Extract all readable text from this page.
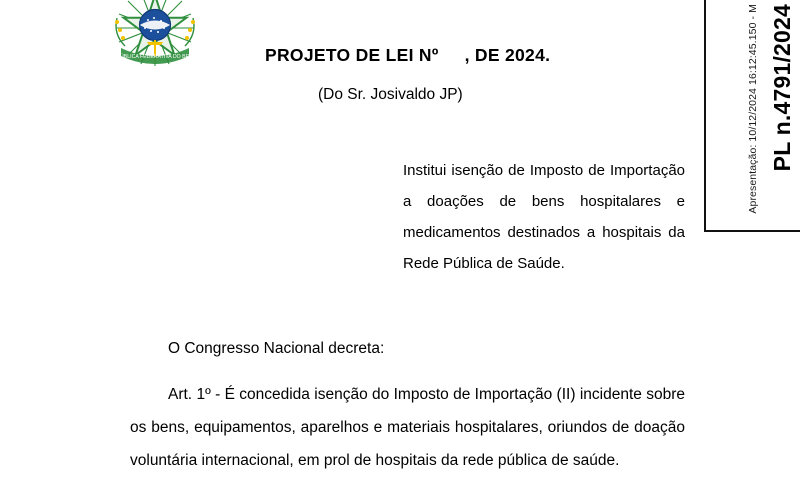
REPÚBLICA FEDERATIVA DO BRASIL	PROJETO DE LEI Nº , DE 2024.
(Do Sr. Josivaldo JP)

Institui isenção de Imposto de Importação a doações de bens hospitalares e medicamentos destinados a hospitais da Rede Pública de Saúde.

O Congresso Nacional decreta:

Art. 1º - É concedida isenção do Imposto de Importação (II) incidente sobre os bens, equipamentos, aparelhos e materiais hospitalares, oriundos de doação voluntária internacional, em prol de hospitais da rede pública de saúde.

PL n.4791/2024
Apresentação: 10/12/2024 16:12:45.150 - M
